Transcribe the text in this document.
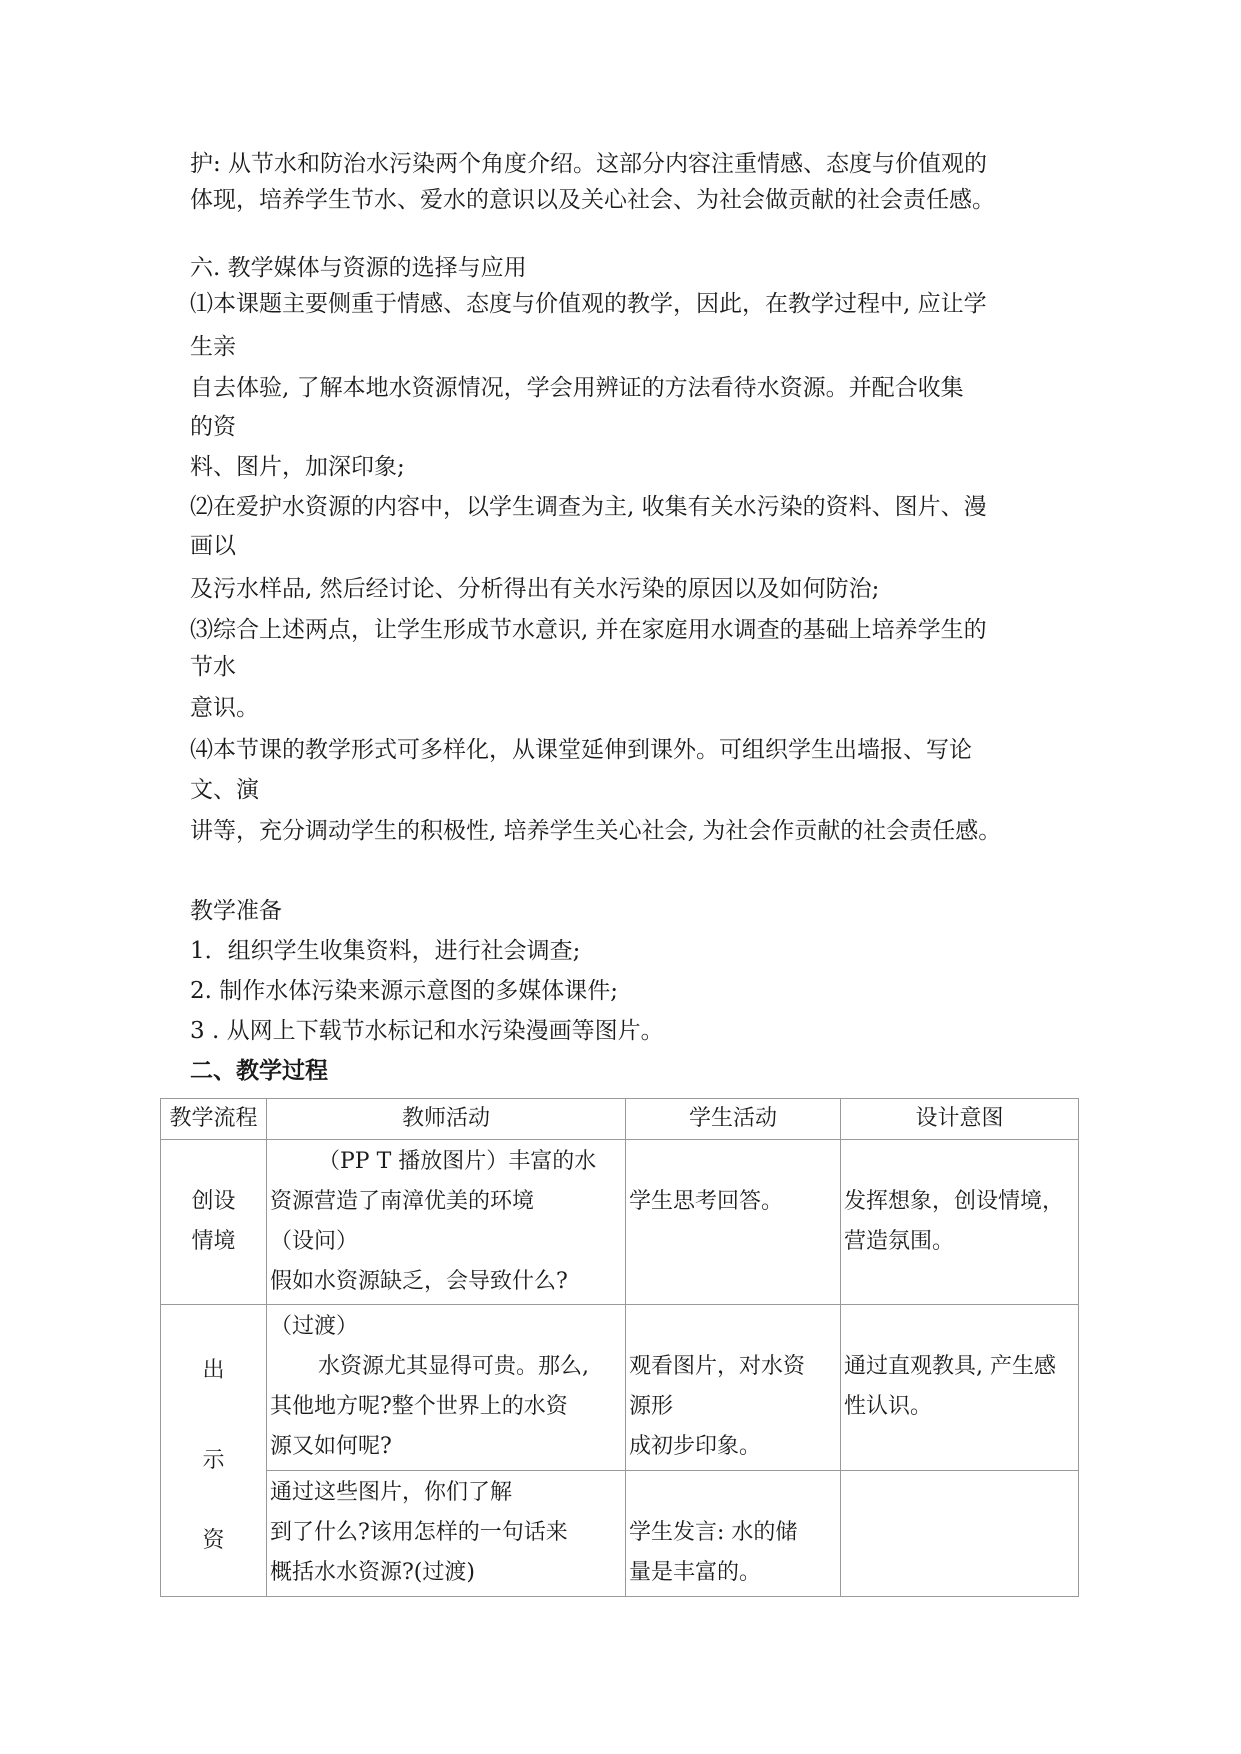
护: 从节水和防治水污染两个角度介绍。这部分内容注重情感、态度与价值观的
体现，培养学生节水、爱水的意识以及关心社会、为社会做贡献的社会责任感。
六. 教学媒体与资源的选择与应用
⑴本课题主要侧重于情感、态度与价值观的教学，因此，在教学过程中, 应让学
生亲
自去体验, 了解本地水资源情况，学会用辨证的方法看待水资源。并配合收集
的资
料、图片，加深印象;
⑵在爱护水资源的内容中，以学生调查为主, 收集有关水污染的资料、图片、漫
画以
及污水样品, 然后经讨论、分析得出有关水污染的原因以及如何防治;
⑶综合上述两点，让学生形成节水意识, 并在家庭用水调查的基础上培养学生的
节水
意识。
⑷本节课的教学形式可多样化，从课堂延伸到课外。可组织学生出墙报、写论
文、演
讲等，充分调动学生的积极性, 培养学生关心社会, 为社会作贡献的社会责任感。
教学准备
1．组织学生收集资料，进行社会调查;
2. 制作水体污染来源示意图的多媒体课件;
3 . 从网上下载节水标记和水污染漫画等图片。
二、教学过程
教学流程	教师活动	学生活动	设计意图

创设
情境	（PP T 播放图片）丰富的水
资源营造了南漳优美的环境
（设问）
假如水资源缺乏，会导致什么?	学生思考回答。	发挥想象，创设情境，
营造氛围。

出
示
资	（过渡）
水资源尤其显得可贵。那么,
其他地方呢?整个世界上的水资
源又如何呢?	观看图片，对水资
源形
成初步印象。	通过直观教具, 产生感
性认识。

	通过这些图片，你们了解
到了什么?该用怎样的一句话来
概括水水资源?(过渡)	学生发言: 水的储
量是丰富的。	
